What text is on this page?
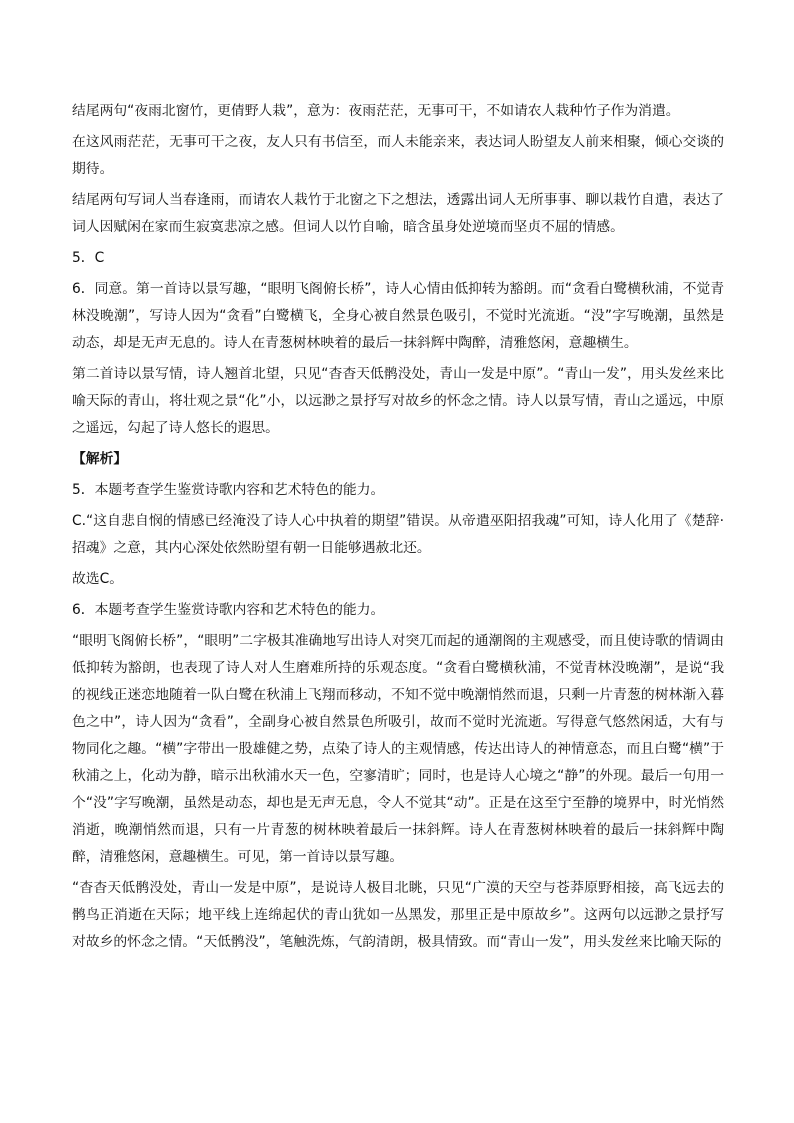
结尾两句“夜雨北窗竹，更倩野人栽”，意为：夜雨茫茫，无事可干，不如请农人栽种竹子作为消遣。

在这风雨茫茫，无事可干之夜，友人只有书信至，而人未能亲来，表达词人盼望友人前来相聚，倾心交谈的期待。

结尾两句写词人当春逢雨，而请农人栽竹于北窗之下之想法，透露出词人无所事事、聊以栽竹自遣，表达了词人因赋闲在家而生寂寞悲凉之感。但词人以竹自喻，暗含虽身处逆境而坚贞不屈的情感。

5．C

6．同意。第一首诗以景写趣，“眼明飞阁俯长桥”，诗人心情由低抑转为豁朗。而“贪看白鹭横秋浦，不觉青林没晚潮”，写诗人因为“贪看”白鹭横飞，全身心被自然景色吸引，不觉时光流逝。“没”字写晚潮，虽然是动态，却是无声无息的。诗人在青葱树林映着的最后一抹斜辉中陶醉，清雅悠闲，意趣横生。

第二首诗以景写情，诗人翘首北望，只见“杳杳天低鹘没处，青山一发是中原”。“青山一发”，用头发丝来比喻天际的青山，将壮观之景“化”小，以远渺之景抒写对故乡的怀念之情。诗人以景写情，青山之遥远，中原之遥远，勾起了诗人悠长的遐思。

【解析】

5．本题考查学生鉴赏诗歌内容和艺术特色的能力。

C.“这自悲自悯的情感已经淹没了诗人心中执着的期望”错误。从帝遣巫阳招我魂”可知，诗人化用了《楚辞·招魂》之意，其内心深处依然盼望有朝一日能够遇赦北还。

故选C。

6．本题考查学生鉴赏诗歌内容和艺术特色的能力。

“眼明飞阁俯长桥”，“眼明”二字极其准确地写出诗人对突兀而起的通潮阁的主观感受，而且使诗歌的情调由低抑转为豁朗，也表现了诗人对人生磨难所持的乐观态度。“贪看白鹭横秋浦，不觉青林没晚潮”，是说“我的视线正迷恋地随着一队白鹭在秋浦上飞翔而移动，不知不觉中晚潮悄然而退，只剩一片青葱的树林渐入暮色之中”，诗人因为“贪看”，全副身心被自然景色所吸引，故而不觉时光流逝。写得意气悠然闲适，大有与物同化之趣。“横”字带出一股雄健之势，点染了诗人的主观情感，传达出诗人的神情意态，而且白鹭“横”于秋浦之上，化动为静，暗示出秋浦水天一色，空寥清旷；同时，也是诗人心境之“静”的外现。最后一句用一个“没”字写晚潮，虽然是动态，却也是无声无息，令人不觉其“动”。正是在这至宁至静的境界中，时光悄然消逝，晚潮悄然而退，只有一片青葱的树林映着最后一抹斜辉。诗人在青葱树林映着的最后一抹斜辉中陶醉，清雅悠闲，意趣横生。可见，第一首诗以景写趣。

“杳杳天低鹘没处，青山一发是中原”，是说诗人极目北眺，只见“广漠的天空与苍莽原野相接，高飞远去的鹘鸟正消逝在天际；地平线上连绵起伏的青山犹如一丛黑发，那里正是中原故乡”。这两句以远渺之景抒写对故乡的怀念之情。“天低鹘没”，笔触洗炼，气韵清朗，极具情致。而“青山一发”，用头发丝来比喻天际的
